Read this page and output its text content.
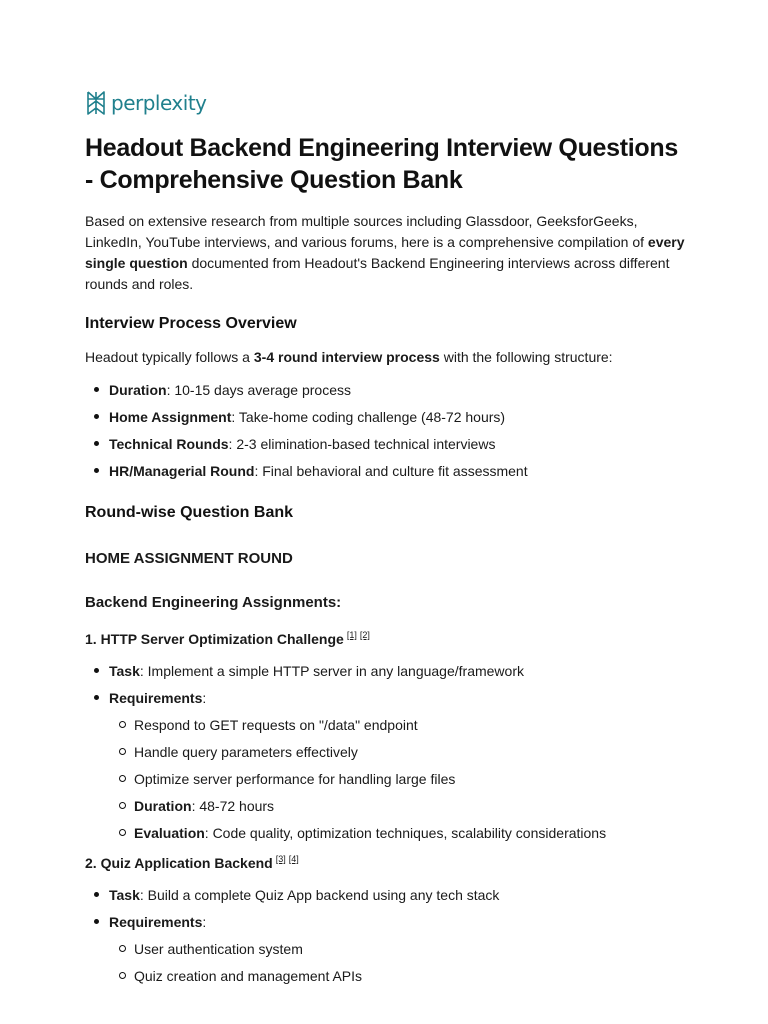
perplexity
Headout Backend Engineering Interview Questions - Comprehensive Question Bank

Based on extensive research from multiple sources including Glassdoor, GeeksforGeeks, LinkedIn, YouTube interviews, and various forums, here is a comprehensive compilation of every single question documented from Headout's Backend Engineering interviews across different rounds and roles.

Interview Process Overview

Headout typically follows a 3-4 round interview process with the following structure:

Duration: 10-15 days average process
Home Assignment: Take-home coding challenge (48-72 hours)
Technical Rounds: 2-3 elimination-based technical interviews
HR/Managerial Round: Final behavioral and culture fit assessment
Round-wise Question Bank
HOME ASSIGNMENT ROUND
Backend Engineering Assignments:
1. HTTP Server Optimization Challenge [1] [2]
Task: Implement a simple HTTP server in any language/framework
Requirements:
Respond to GET requests on "/data" endpoint
Handle query parameters effectively
Optimize server performance for handling large files
Duration: 48-72 hours
Evaluation: Code quality, optimization techniques, scalability considerations
2. Quiz Application Backend [3] [4]
Task: Build a complete Quiz App backend using any tech stack
Requirements:
User authentication system
Quiz creation and management APIs
